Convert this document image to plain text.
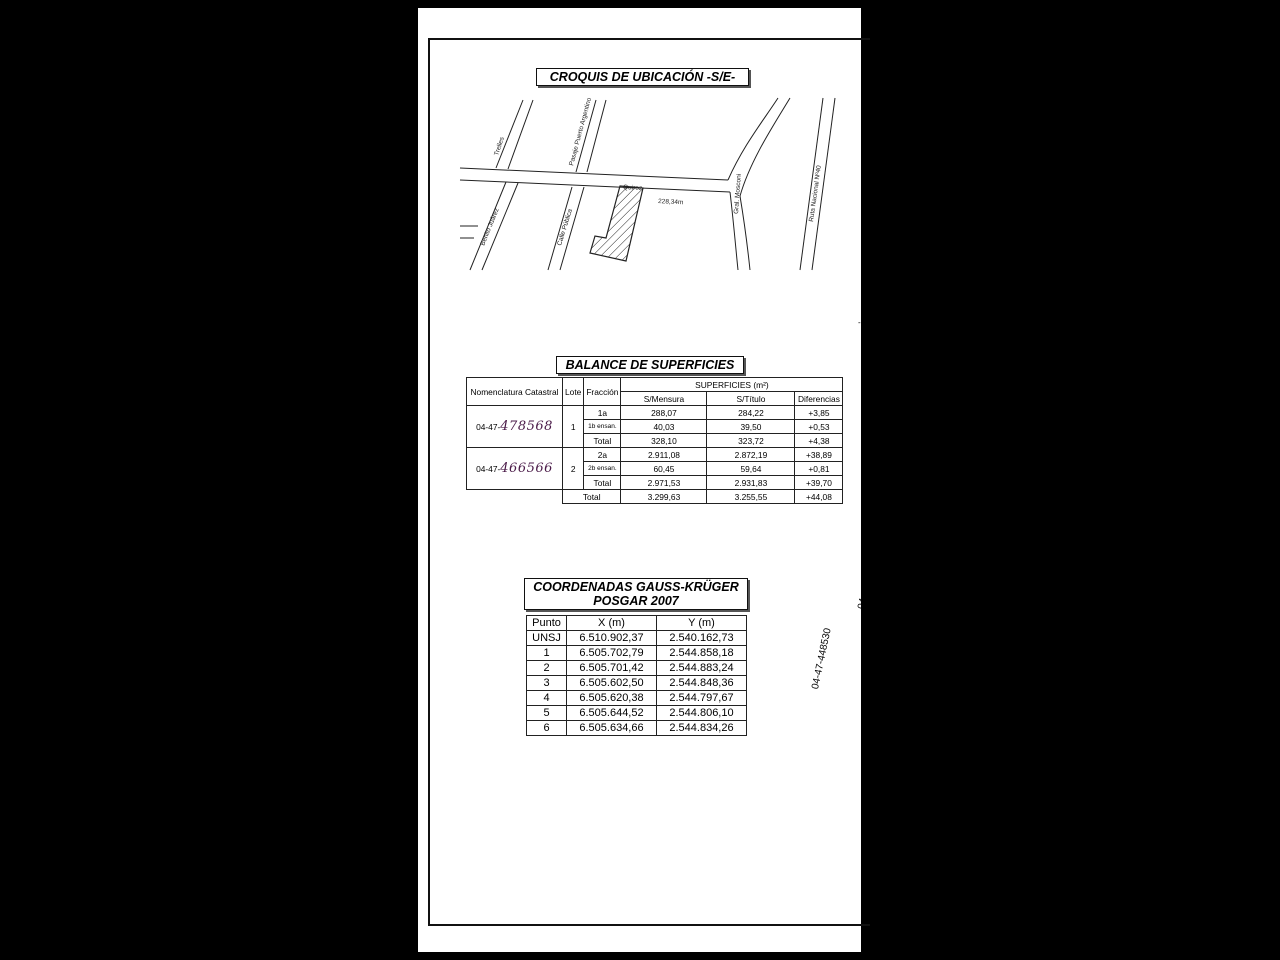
CROQUIS DE UBICACIÓN -S/E-
Trelles	Pasaje Puerto Argentino
Quiroz
228,34m
Benito Juárez	Calle Pública
Gral. Mosconi	Ruta Nacional Nº40
BALANCE DE SUPERFICIES
Nomenclatura Catastral	Lote	Fracción	SUPERFICIES (m²)		
			S/Mensura	S/Título	Diferencias
04-47-478568	1	1a	288,07	284,22	+3,85
		1b ensan.	40,03	39,50	+0,53
		Total	328,10	323,72	+4,38
04-47-466566	2	2a	2.911,08	2.872,19	+38,89
		2b ensan.	60,45	59,64	+0,81
		Total	2.971,53	2.931,83	+39,70
	Total		3.299,63	3.255,55	+44,08
COORDENADAS GAUSS-KRÜGER
POSGAR 2007
Punto	X (m)	Y (m)
UNSJ	6.510.902,37	2.540.162,73
1	6.505.702,79	2.544.858,18
2	6.505.701,42	2.544.883,24
3	6.505.602,50	2.544.848,36
4	6.505.620,38	2.544.797,67
5	6.505.644,52	2.544.806,10
6	6.505.634,66	2.544.834,26
04-47-448530
04-
-
